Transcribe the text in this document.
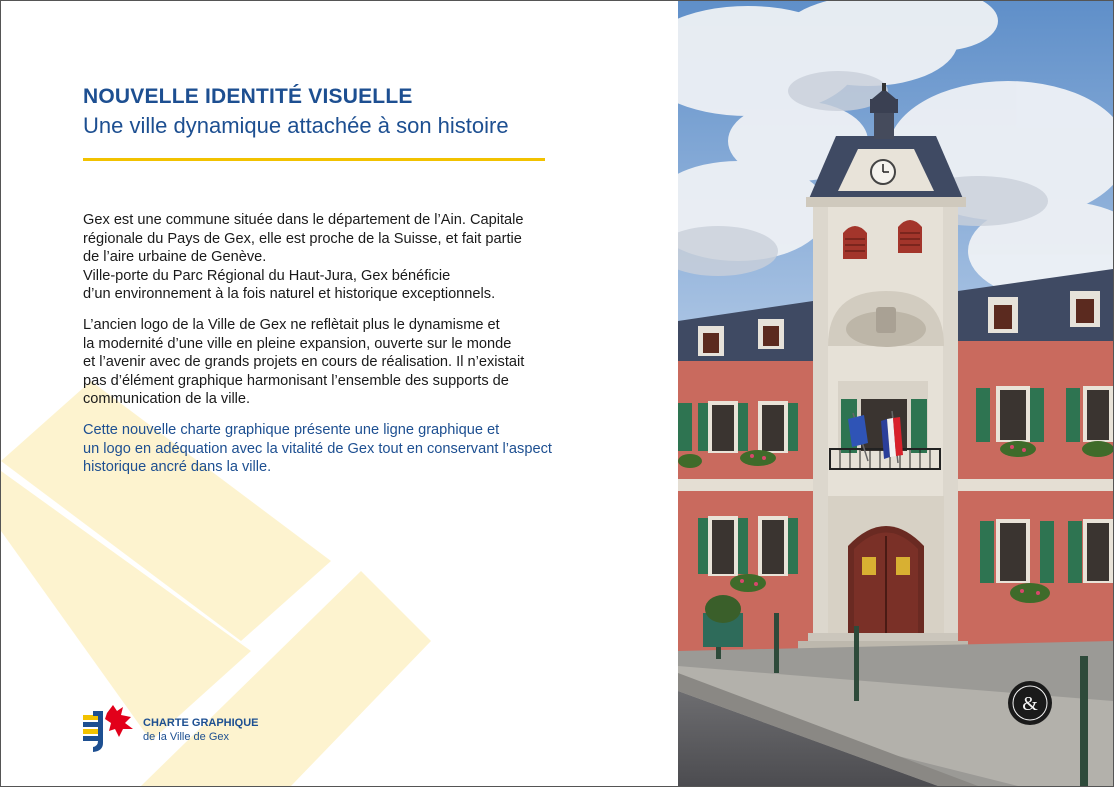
NOUVELLE IDENTITÉ VISUELLE
Une ville dynamique attachée à son histoire

Gex est une commune située dans le département de l’Ain. Capitale

régionale du Pays de Gex, elle est proche de la Suisse, et fait partie

de l’aire urbaine de Genève.

Ville-porte du Parc Régional du Haut-Jura, Gex bénéficie

d’un environnement à la fois naturel et historique exceptionnels.

L’ancien logo de la Ville de Gex ne reflètait plus le dynamisme et

la modernité d’une ville en pleine expansion, ouverte sur le monde

et l’avenir avec de grands projets en cours de réalisation. Il n’existait

pas d’élément graphique harmonisant l’ensemble des supports de

communication de la ville.

Cette nouvelle charte graphique présente une ligne graphique et

un logo en adéquation avec la vitalité de Gex tout en conservant l’aspect

historique ancré dans la ville.

CHARTE GRAPHIQUE
de la Ville de Gex
&
